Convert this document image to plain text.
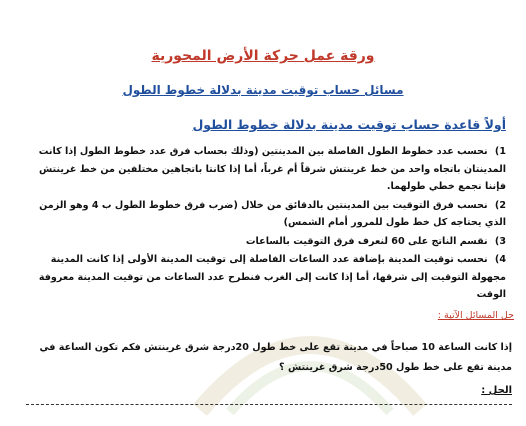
ورقة عمل حركة الأرض المحورية
مسائل حساب توقيت مدينة بدلالة خطوط الطول
أولاً قاعدة حساب توقيت مدينة بدلالة خطوط الطول
1) نحسب عدد خطوط الطول الفاصلة بين المدينتين (وذلك بحساب فرق عدد خطوط الطول إذا كانت المدينتان باتجاه واحد من خط غرينتش شرقاً أم غرباً، أما إذا كانتا باتجاهين مختلفين من خط غرينتش فإننا نجمع خطي طولهما.
2) نحسب فرق التوقيت بين المدينتين بالدقائق من خلال (ضرب فرق خطوط الطول ب 4 وهو الزمن الذي يحتاجه كل خط طول للمرور أمام الشمس)
3) نقسم الناتج على 60 لنعرف فرق التوقيت بالساعات
4) نحسب توقيت المدينة بإضافة عدد الساعات الفاصلة إلى توقيت المدينة الأولى إذا كانت المدينة مجهولة التوقيت إلى شرقها، أما إذا كانت إلى الغرب فنطرح عدد الساعات من توقيت المدينة معروفة الوقت
حل المسائل الآتية :
إذا كانت الساعة 10 صباحاً في مدينة تقع على خط طول 20درجة شرق غرينتش فكم تكون الساعة في مدينة تقع على خط طول 50درجة شرق غرينتش ؟
الحل :
